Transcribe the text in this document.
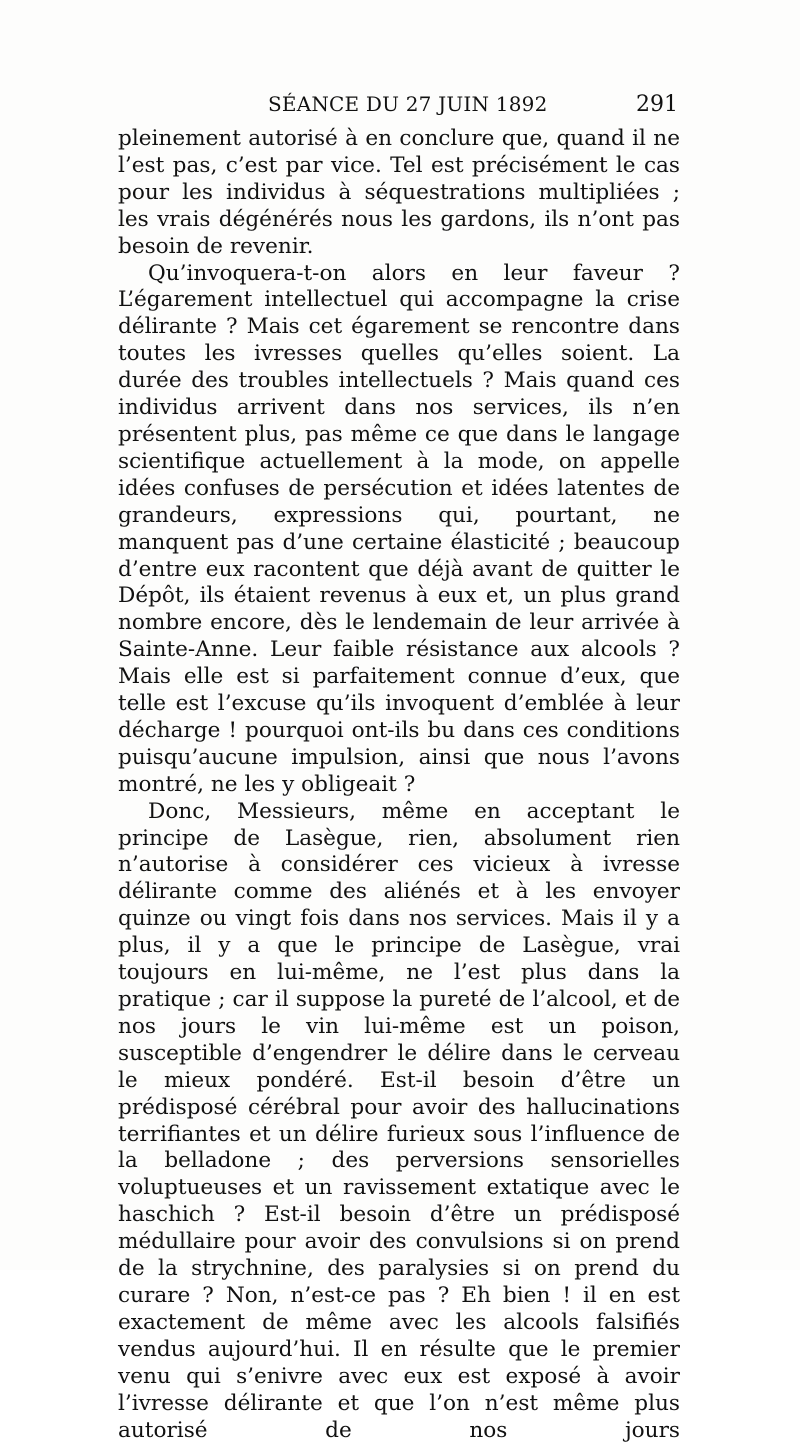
SÉANCE DU 27 JUIN 1892	291

pleinement autorisé à en conclure que, quand il ne l’est pas, c’est par vice. Tel est précisément le cas pour les individus à séquestrations multipliées ; les vrais dégénérés nous les gardons, ils n’ont pas besoin de revenir.

Qu’invoquera-t-on alors en leur faveur ? L’égarement intellectuel qui accompagne la crise délirante ? Mais cet égarement se rencontre dans toutes les ivresses quelles qu’elles soient. La durée des troubles intellectuels ? Mais quand ces individus arrivent dans nos services, ils n’en présentent plus, pas même ce que dans le langage scientifique actuellement à la mode, on appelle idées confuses de persécution et idées latentes de grandeurs, expressions qui, pourtant, ne manquent pas d’une certaine élasticité ; beaucoup d’entre eux racontent que déjà avant de quitter le Dépôt, ils étaient revenus à eux et, un plus grand nombre encore, dès le lendemain de leur arrivée à Sainte-Anne. Leur faible résistance aux alcools ? Mais elle est si parfaitement connue d’eux, que telle est l’excuse qu’ils invoquent d’emblée à leur décharge ! pourquoi ont-ils bu dans ces conditions puisqu’aucune impulsion, ainsi que nous l’avons montré, ne les y obligeait ?

Donc, Messieurs, même en acceptant le principe de Lasègue, rien, absolument rien n’autorise à considérer ces vicieux à ivresse délirante comme des aliénés et à les envoyer quinze ou vingt fois dans nos services. Mais il y a plus, il y a que le principe de Lasègue, vrai toujours en lui-même, ne l’est plus dans la pratique ; car il suppose la pureté de l’alcool, et de nos jours le vin lui-même est un poison, susceptible d’engendrer le délire dans le cerveau le mieux pondéré. Est-il besoin d’être un prédisposé cérébral pour avoir des hallucinations terrifiantes et un délire furieux sous l’influence de la belladone ; des perversions sensorielles voluptueuses et un ravissement extatique avec le haschich ? Est-il besoin d’être un prédisposé médullaire pour avoir des convulsions si on prend de la strychnine, des paralysies si on prend du curare ? Non, n’est-ce pas ? Eh bien ! il en est exactement de même avec les alcools falsifiés vendus aujourd’hui. Il en résulte que le premier venu qui s’enivre avec eux est exposé à avoir l’ivresse délirante et que l’on n’est même plus autorisé de nos jours
